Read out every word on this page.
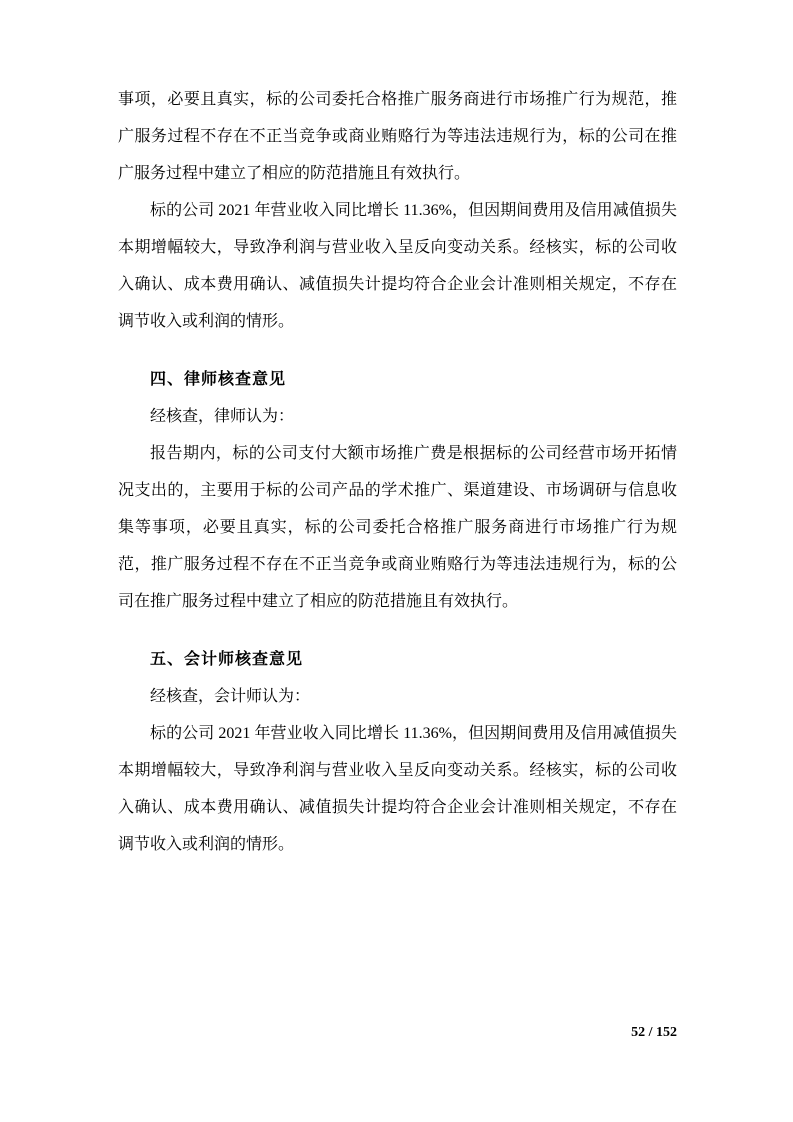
事项，必要且真实，标的公司委托合格推广服务商进行市场推广行为规范，推广服务过程不存在不正当竞争或商业贿赂行为等违法违规行为，标的公司在推广服务过程中建立了相应的防范措施且有效执行。

标的公司 2021 年营业收入同比增长 11.36%，但因期间费用及信用减值损失本期增幅较大，导致净利润与营业收入呈反向变动关系。经核实，标的公司收入确认、成本费用确认、减值损失计提均符合企业会计准则相关规定，不存在调节收入或利润的情形。

四、律师核查意见

经核查，律师认为：

报告期内，标的公司支付大额市场推广费是根据标的公司经营市场开拓情况支出的，主要用于标的公司产品的学术推广、渠道建设、市场调研与信息收集等事项，必要且真实，标的公司委托合格推广服务商进行市场推广行为规范，推广服务过程不存在不正当竞争或商业贿赂行为等违法违规行为，标的公司在推广服务过程中建立了相应的防范措施且有效执行。

五、会计师核查意见

经核查，会计师认为：

标的公司 2021 年营业收入同比增长 11.36%，但因期间费用及信用减值损失本期增幅较大，导致净利润与营业收入呈反向变动关系。经核实，标的公司收入确认、成本费用确认、减值损失计提均符合企业会计准则相关规定，不存在调节收入或利润的情形。

52 / 152
